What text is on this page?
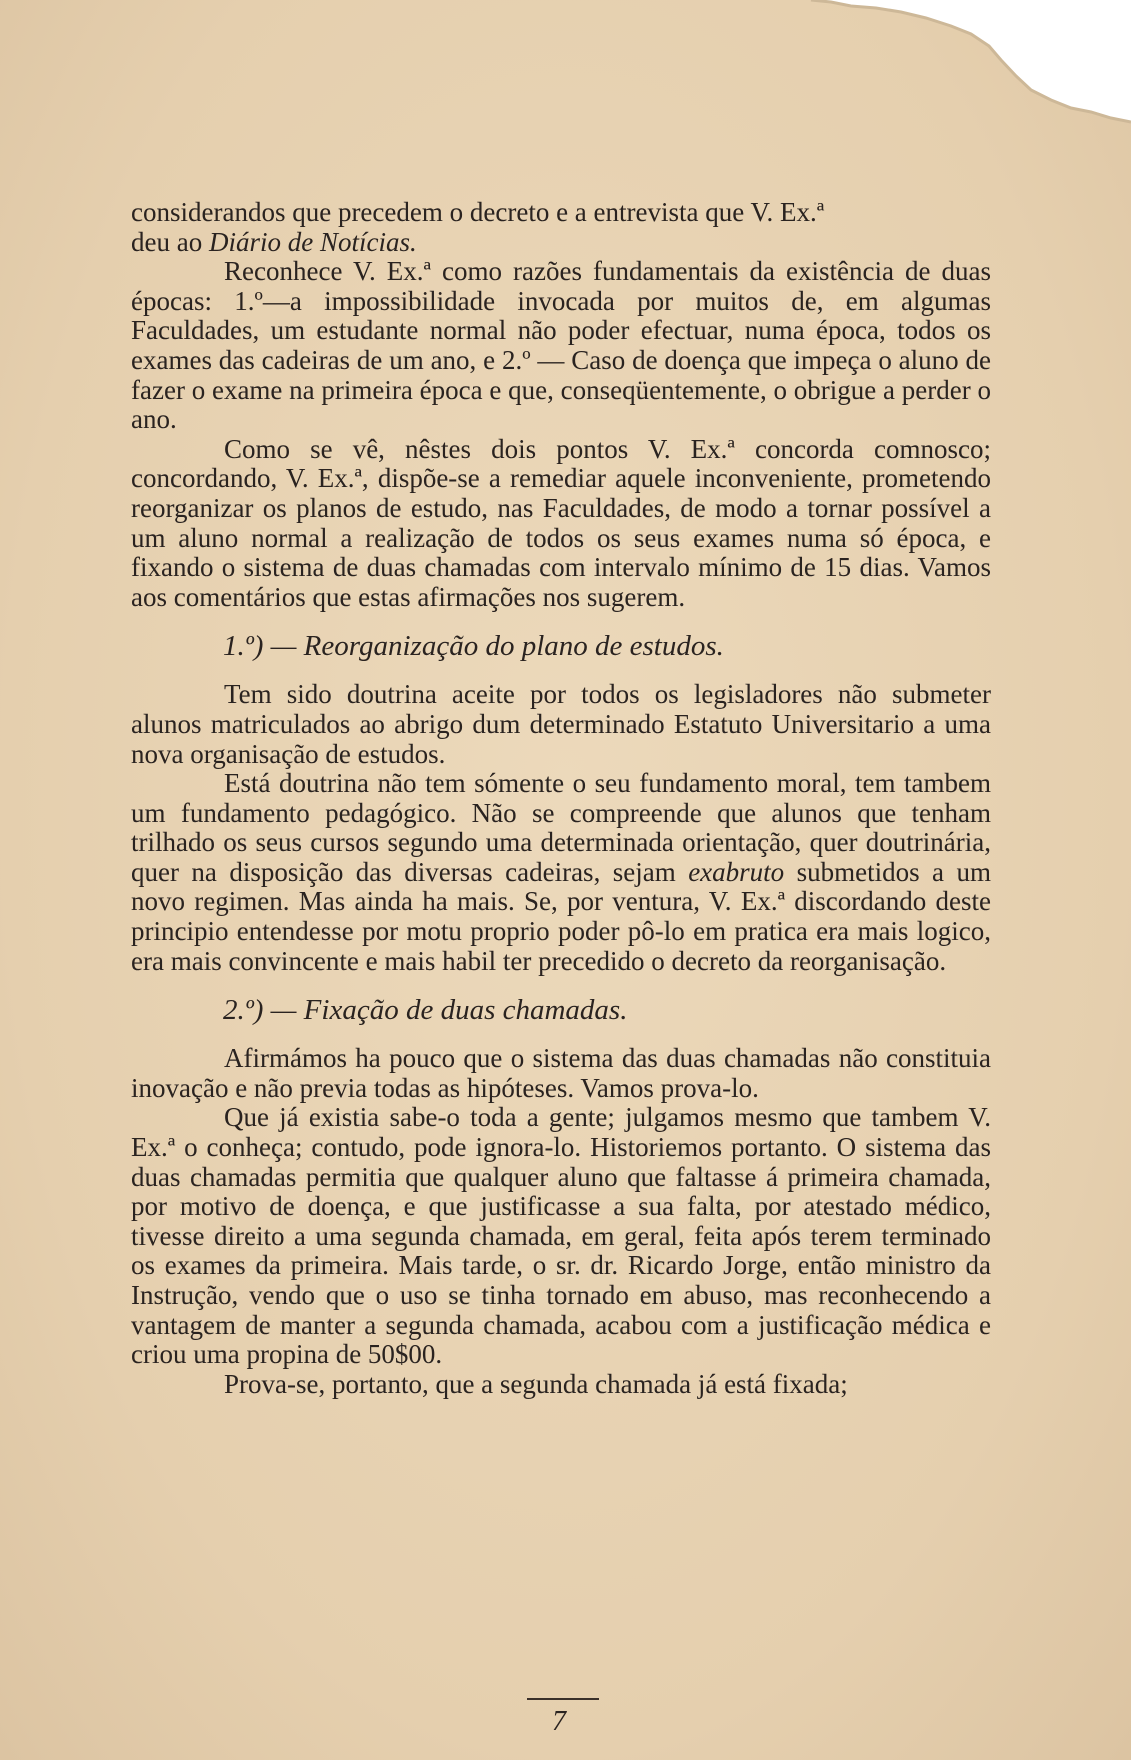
considerandos que precedem o decreto e a entrevista que V. Ex.ª
deu ao Diário de Notícias.

Reconhece V. Ex.ª como razões fundamentais da existência de duas épocas: 1.º—a impossibilidade invocada por muitos de, em algumas Faculdades, um estudante normal não poder efectuar, numa época, todos os exames das cadeiras de um ano, e 2.º — Caso de doença que impeça o aluno de fazer o exame na primeira época e que, conseqüentemente, o obrigue a perder o ano.

Como se vê, nêstes dois pontos V. Ex.ª concorda comnosco; concordando, V. Ex.ª, dispõe-se a remediar aquele inconveniente, prometendo reorganizar os planos de estudo, nas Faculdades, de modo a tornar possível a um aluno normal a realização de todos os seus exames numa só época, e fixando o sistema de duas chamadas com intervalo mínimo de 15 dias. Vamos aos comentários que estas afirmações nos sugerem.

1.º) — Reorganização do plano de estudos.

Tem sido doutrina aceite por todos os legisladores não submeter alunos matriculados ao abrigo dum determinado Estatuto Universitario a uma nova organisação de estudos.

Está doutrina não tem sómente o seu fundamento moral, tem tambem um fundamento pedagógico. Não se compreende que alunos que tenham trilhado os seus cursos segundo uma determinada orientação, quer doutrinária, quer na disposição das diversas cadeiras, sejam exabruto submetidos a um novo regimen. Mas ainda ha mais. Se, por ventura, V. Ex.ª discordando deste principio entendesse por motu proprio poder pô-lo em pratica era mais logico, era mais convincente e mais habil ter precedido o decreto da reorganisação.

2.º) — Fixação de duas chamadas.

Afirmámos ha pouco que o sistema das duas chamadas não constituia inovação e não previa todas as hipóteses. Vamos prova-lo.

Que já existia sabe-o toda a gente; julgamos mesmo que tambem V. Ex.ª o conheça; contudo, pode ignora-lo. Historiemos portanto. O sistema das duas chamadas permitia que qualquer aluno que faltasse á primeira chamada, por motivo de doença, e que justificasse a sua falta, por atestado médico, tivesse direito a uma segunda chamada, em geral, feita após terem terminado os exames da primeira. Mais tarde, o sr. dr. Ricardo Jorge, então ministro da Instrução, vendo que o uso se tinha tornado em abuso, mas reconhecendo a vantagem de manter a segunda chamada, acabou com a justificação médica e criou uma propina de 50$00.

Prova-se, portanto, que a segunda chamada já está fixada;

7
